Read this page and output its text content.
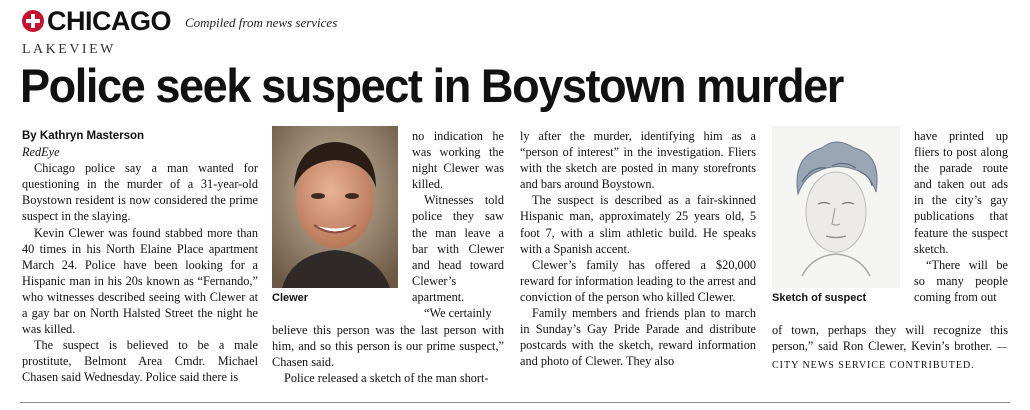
CHICAGO Compiled from news services
LAKEVIEW
Police seek suspect in Boystown murder

By Kathryn Masterson

RedEye

Chicago police say a man wanted for questioning in the murder of a 31-year-old Boystown resident is now considered the prime suspect in the slaying.

Kevin Clewer was found stabbed more than 40 times in his North Elaine Place apartment March 24. Police have been looking for a Hispanic man in his 20s known as “Fernando,” who witnesses described seeing with Clewer at a gay bar on North Halsted Street the night he was killed.

The suspect is believed to be a male prostitute, Belmont Area Cmdr. Michael Chasen said Wednesday. Police said there is

Clewer

no indication he was working the night Clewer was killed.

Witnesses told police they saw the man leave a bar with Clewer and head toward Clewer’s apartment.

“We certainly

believe this person was the last person with him, and so this person is our prime suspect,” Chasen said.

Police released a sketch of the man short-

ly after the murder, identifying him as a “person of interest” in the investigation. Fliers with the sketch are posted in many storefronts and bars around Boystown.

The suspect is described as a fair-skinned Hispanic man, approximately 25 years old, 5 foot 7, with a slim athletic build. He speaks with a Spanish accent.

Clewer’s family has offered a $20,000 reward for information leading to the arrest and conviction of the person who killed Clewer.

Family members and friends plan to march in Sunday’s Gay Pride Parade and distribute postcards with the sketch, reward information and photo of Clewer. They also

Sketch of suspect

have printed up fliers to post along the parade route and taken out ads in the city’s gay publications that feature the suspect sketch.

“There will be so many people coming from out

of town, perhaps they will recognize this person,” said Ron Clewer, Kevin’s brother. —CITY NEWS SERVICE CONTRIBUTED.
